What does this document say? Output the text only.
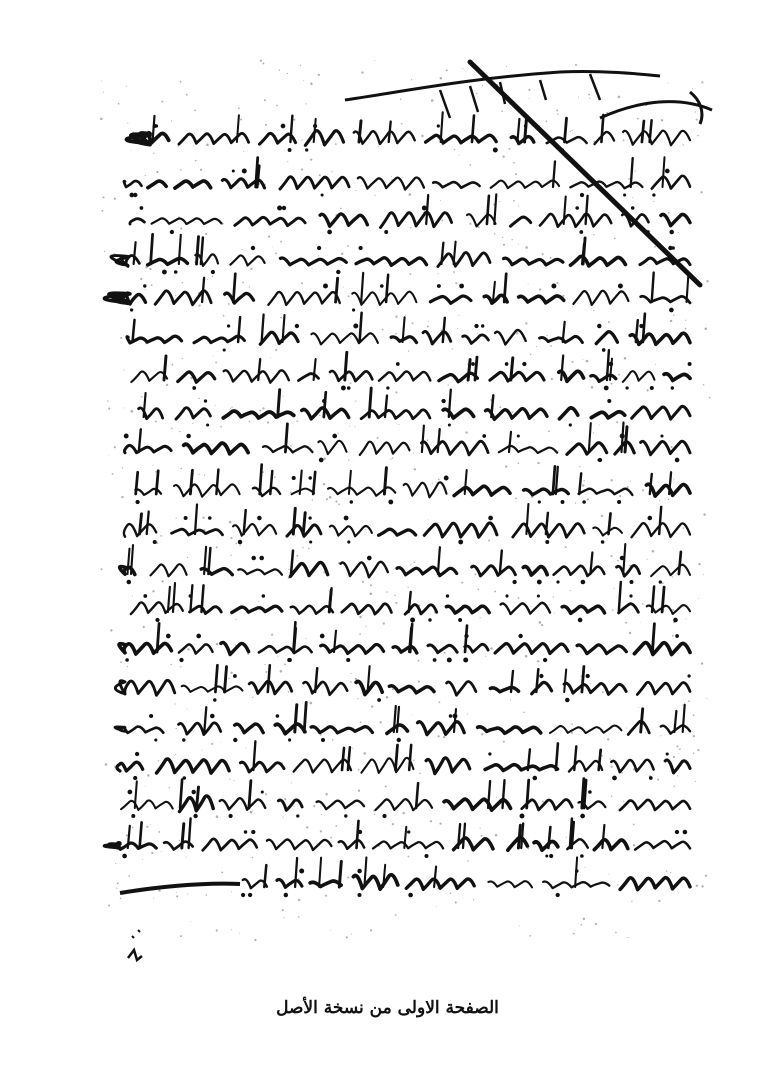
الصفحة الاولى من نسخة الأصل
